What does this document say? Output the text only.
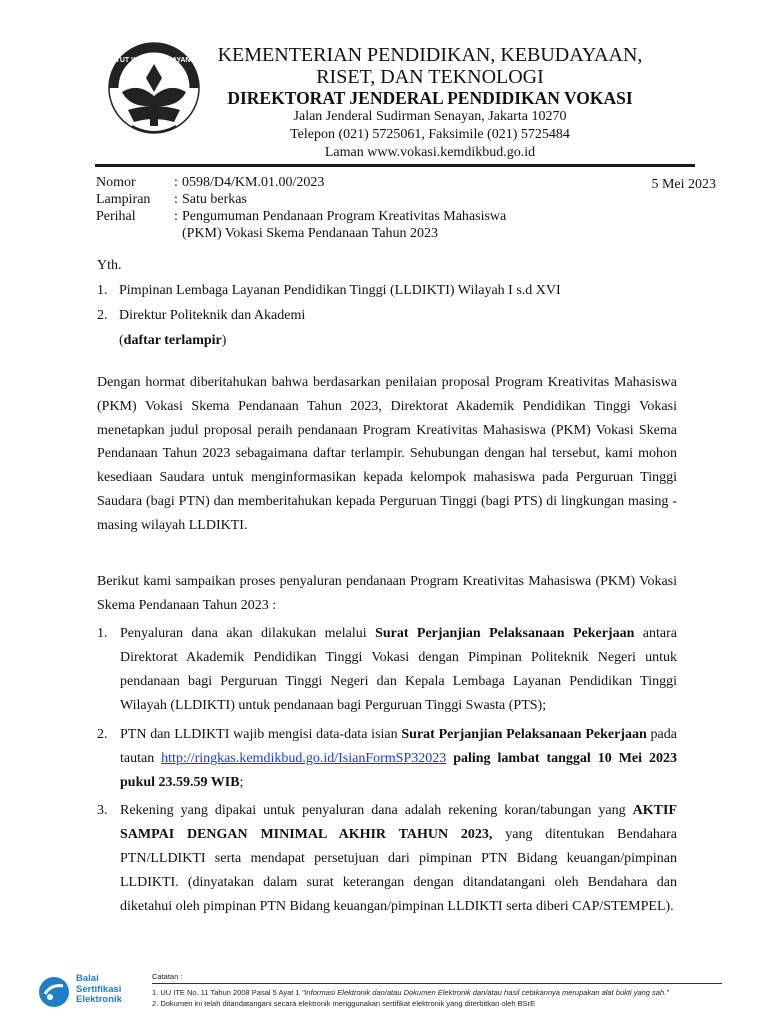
TUT WURI HANDAYANI	KEMENTERIAN PENDIDIKAN, KEBUDAYAAN,
RISET, DAN TEKNOLOGI
DIREKTORAT JENDERAL PENDIDIKAN VOKASI
Jalan Jenderal Sudirman Senayan, Jakarta 10270
Telepon (021) 5725061, Faksimile (021) 5725484
Laman www.vokasi.kemdikbud.go.id
Nomor	: 0598/D4/KM.01.00/2023
Lampiran : Satu berkas
Perihal	: Pengumuman Pendanaan Program Kreativitas Mahasiswa
(PKM) Vokasi Skema Pendanaan Tahun 2023
5 Mei 2023
Yth.
1. Pimpinan Lembaga Layanan Pendidikan Tinggi (LLDIKTI) Wilayah I s.d XVI
2. Direktur Politeknik dan Akademi
(daftar terlampir)
Dengan hormat diberitahukan bahwa berdasarkan penilaian proposal Program Kreativitas Mahasiswa (PKM) Vokasi Skema Pendanaan Tahun 2023, Direktorat Akademik Pendidikan Tinggi Vokasi menetapkan judul proposal peraih pendanaan Program Kreativitas Mahasiswa (PKM) Vokasi Skema Pendanaan Tahun 2023 sebagaimana daftar terlampir. Sehubungan dengan hal tersebut, kami mohon kesediaan Saudara untuk menginformasikan kepada kelompok mahasiswa pada Perguruan Tinggi Saudara (bagi PTN) dan memberitahukan kepada Perguruan Tinggi (bagi PTS) di lingkungan masing - masing wilayah LLDIKTI.
Berikut kami sampaikan proses penyaluran pendanaan Program Kreativitas Mahasiswa (PKM) Vokasi Skema Pendanaan Tahun 2023 :
1. Penyaluran dana akan dilakukan melalui Surat Perjanjian Pelaksanaan Pekerjaan antara Direktorat Akademik Pendidikan Tinggi Vokasi dengan Pimpinan Politeknik Negeri untuk pendanaan bagi Perguruan Tinggi Negeri dan Kepala Lembaga Layanan Pendidikan Tinggi Wilayah (LLDIKTI) untuk pendanaan bagi Perguruan Tinggi Swasta (PTS);
2. PTN dan LLDIKTI wajib mengisi data-data isian Surat Perjanjian Pelaksanaan Pekerjaan pada tautan http://ringkas.kemdikbud.go.id/IsianFormSP32023 paling lambat tanggal 10 Mei 2023 pukul 23.59.59 WIB;
3. Rekening yang dipakai untuk penyaluran dana adalah rekening koran/tabungan yang AKTIF SAMPAI DENGAN MINIMAL AKHIR TAHUN 2023, yang ditentukan Bendahara PTN/LLDIKTI serta mendapat persetujuan dari pimpinan PTN Bidang keuangan/pimpinan LLDIKTI. (dinyatakan dalam surat keterangan dengan ditandatangani oleh Bendahara dan diketahui oleh pimpinan PTN Bidang keuangan/pimpinan LLDIKTI serta diberi CAP/STEMPEL).
Balai
Sertifikasi
Elektronik
Catatan :
1. UU ITE No. 11 Tahun 2008 Pasal 5 Ayat 1 "Informasi Elektronik dan/atau Dokumen Elektronik dan/atau hasil cetakannya merupakan alat bukti yang sah."
2. Dokumen ini telah ditandatangani secara elektronik menggunakan sertifikat elektronik yang diterbitkan oleh BSrE
